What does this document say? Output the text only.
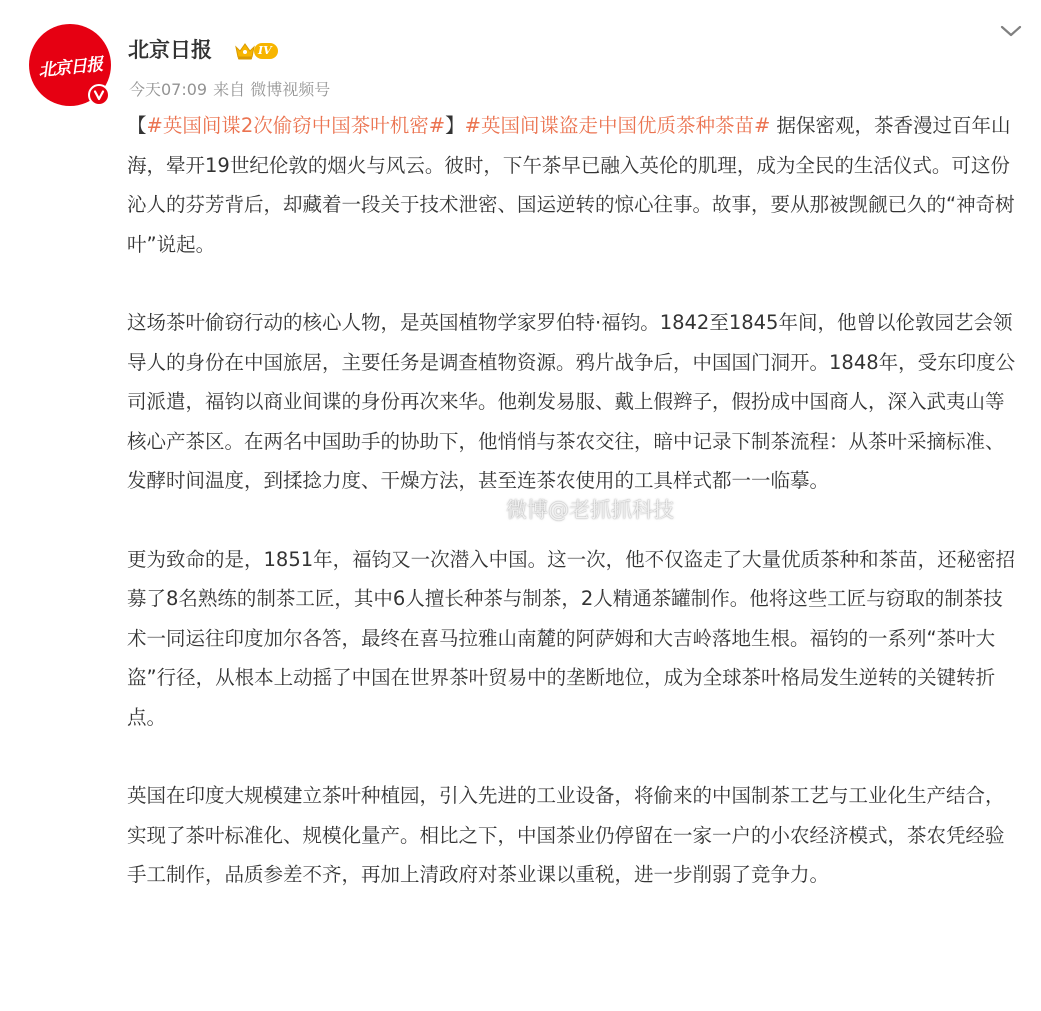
北京日报
北京日报	IV
今天07:09 来自 微博视频号

【#英国间谍2次偷窃中国茶叶机密#】#英国间谍盗走中国优质茶种茶苗# 据保密观，茶香漫过百年山海，晕开19世纪伦敦的烟火与风云。彼时，下午茶早已融入英伦的肌理，成为全民的生活仪式。可这份沁人的芬芳背后，却藏着一段关于技术泄密、国运逆转的惊心往事。故事，要从那被觊觎已久的“神奇树叶”说起。

这场茶叶偷窃行动的核心人物，是英国植物学家罗伯特·福钧。1842至1845年间，他曾以伦敦园艺会领导人的身份在中国旅居，主要任务是调查植物资源。鸦片战争后，中国国门洞开。1848年，受东印度公司派遣，福钧以商业间谍的身份再次来华。他剃发易服、戴上假辫子，假扮成中国商人，深入武夷山等核心产茶区。在两名中国助手的协助下，他悄悄与茶农交往，暗中记录下制茶流程：从茶叶采摘标准、发酵时间温度，到揉捻力度、干燥方法，甚至连茶农使用的工具样式都一一临摹。

更为致命的是，1851年，福钧又一次潜入中国。这一次，他不仅盗走了大量优质茶种和茶苗，还秘密招募了8名熟练的制茶工匠，其中6人擅长种茶与制茶，2人精通茶罐制作。他将这些工匠与窃取的制茶技术一同运往印度加尔各答，最终在喜马拉雅山南麓的阿萨姆和大吉岭落地生根。福钧的一系列“茶叶大盗”行径，从根本上动摇了中国在世界茶叶贸易中的垄断地位，成为全球茶叶格局发生逆转的关键转折点。

英国在印度大规模建立茶叶种植园，引入先进的工业设备，将偷来的中国制茶工艺与工业化生产结合，实现了茶叶标准化、规模化量产。相比之下，中国茶业仍停留在一家一户的小农经济模式，茶农凭经验手工制作，品质参差不齐，再加上清政府对茶业课以重税，进一步削弱了竞争力。

微博@老抓抓科技
